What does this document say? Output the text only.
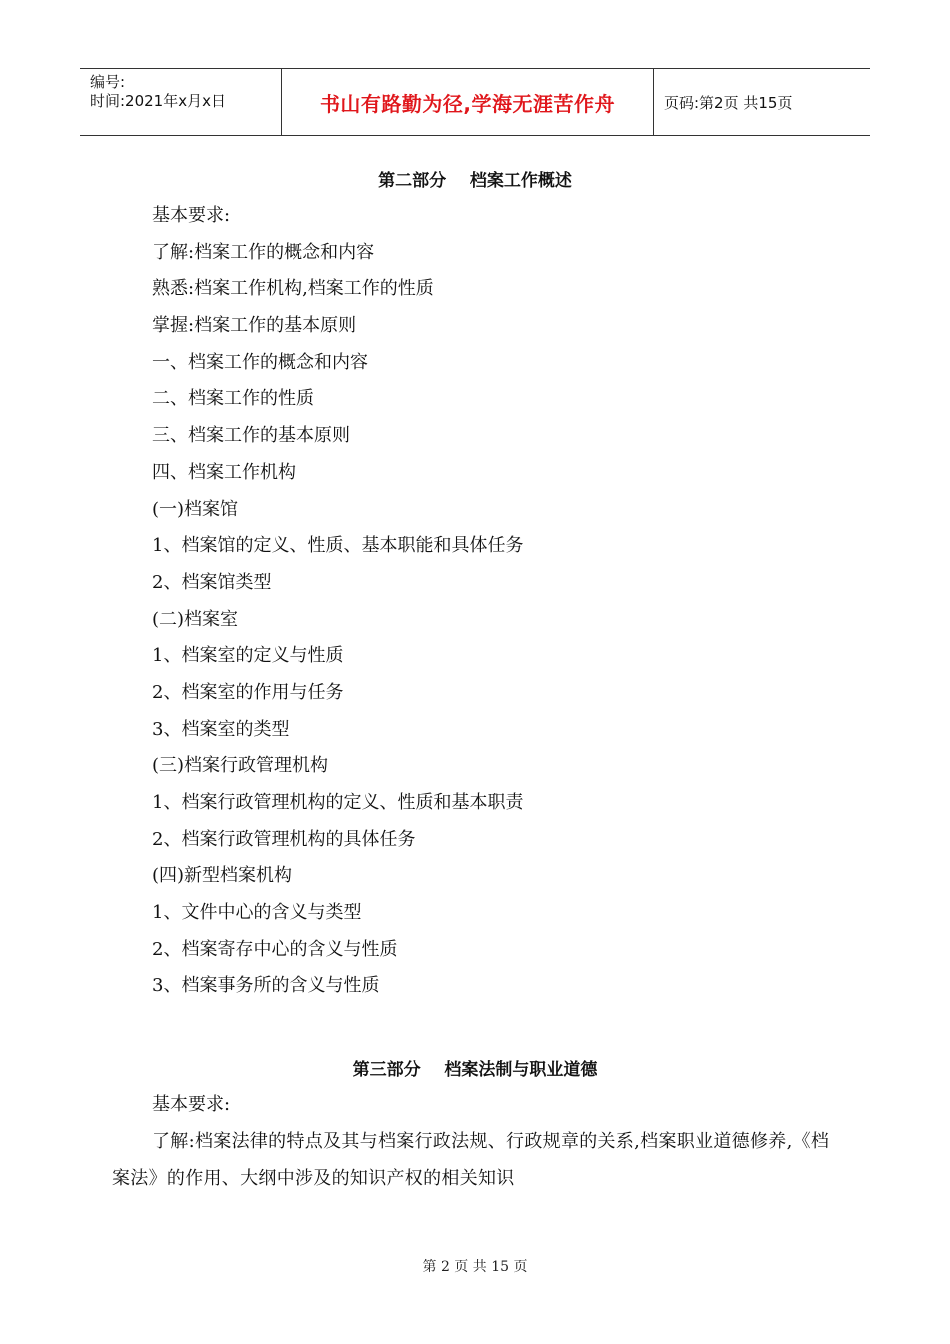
编号:
时间:2021年x月x日	书山有路勤为径,学海无涯苦作舟	页码:第2页 共15页
第二部分    档案工作概述
基本要求:
了解:档案工作的概念和内容
熟悉:档案工作机构,档案工作的性质
掌握:档案工作的基本原则
一、档案工作的概念和内容
二、档案工作的性质
三、档案工作的基本原则
四、档案工作机构
(一)档案馆
1、档案馆的定义、性质、基本职能和具体任务
2、档案馆类型
(二)档案室
1、档案室的定义与性质
2、档案室的作用与任务
3、档案室的类型
(三)档案行政管理机构
1、档案行政管理机构的定义、性质和基本职责
2、档案行政管理机构的具体任务
(四)新型档案机构
1、文件中心的含义与类型
2、档案寄存中心的含义与性质
3、档案事务所的含义与性质
第三部分    档案法制与职业道德
基本要求:
了解:档案法律的特点及其与档案行政法规、行政规章的关系,档案职业道德修养,《档案法》的作用、大纲中涉及的知识产权的相关知识
第 2 页 共 15 页
